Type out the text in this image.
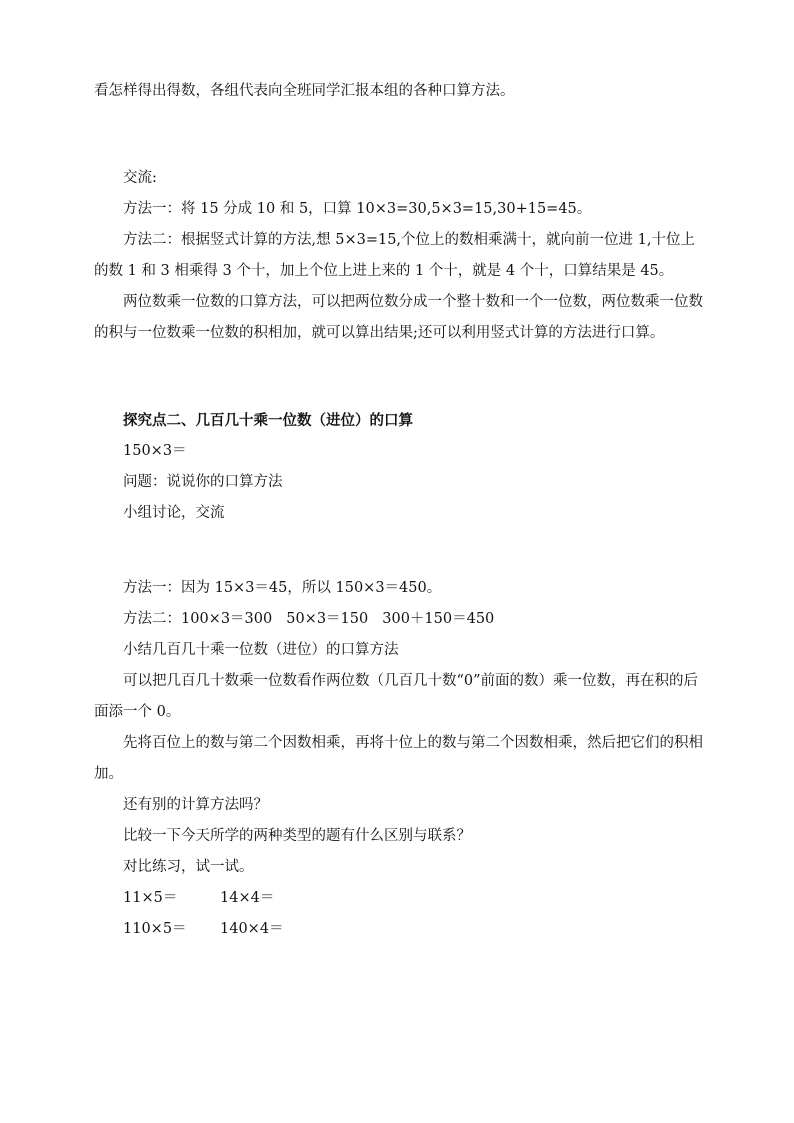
看怎样得出得数，各组代表向全班同学汇报本组的各种口算方法。

交流:

方法一：将 15 分成 10 和 5，口算 10×3=30,5×3=15,30+15=45。

方法二：根据竖式计算的方法,想 5×3=15,个位上的数相乘满十，就向前一位进 1,十位上的数 1 和 3 相乘得 3 个十，加上个位上进上来的 1 个十，就是 4 个十，口算结果是 45。

两位数乘一位数的口算方法，可以把两位数分成一个整十数和一个一位数，两位数乘一位数的积与一位数乘一位数的积相加，就可以算出结果;还可以利用竖式计算的方法进行口算。

探究点二、几百几十乘一位数（进位）的口算

150×3＝

问题：说说你的口算方法

小组讨论，交流

方法一：因为 15×3＝45，所以 150×3＝450。

方法二：100×3＝300 50×3＝150 300＋150＝450

小结几百几十乘一位数（进位）的口算方法

可以把几百几十数乘一位数看作两位数（几百几十数“0”前面的数）乘一位数，再在积的后面添一个 0。

先将百位上的数与第二个因数相乘，再将十位上的数与第二个因数相乘，然后把它们的积相加。

还有别的计算方法吗？

比较一下今天所学的两种类型的题有什么区别与联系？

对比练习，试一试。

11×5＝	14×4＝
110×5＝	140×4＝
